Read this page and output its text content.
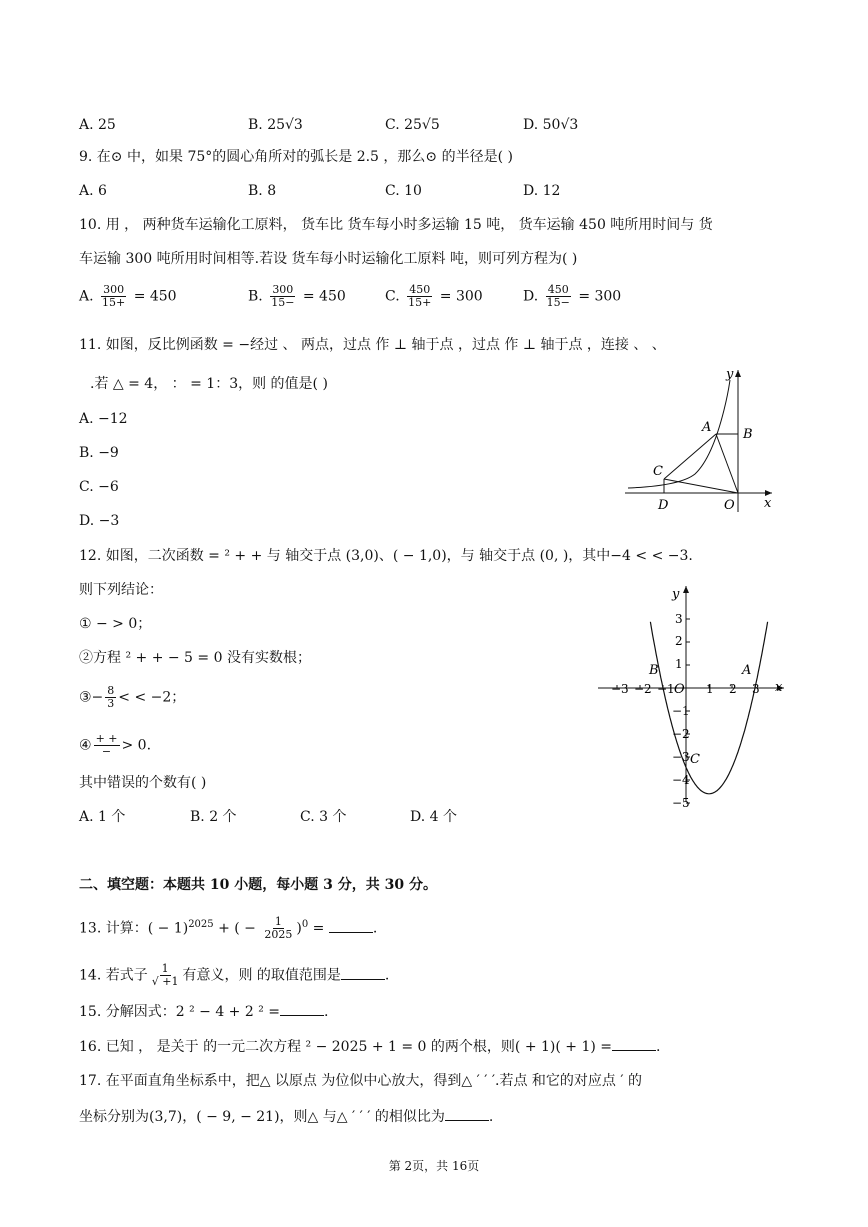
A. 25	B. 25√3	C. 25√5	D. 50√3
9. 在⊙ 中，如果 75°的圆心角所对的弧长是 2.5 ，那么⊙ 的半径是( )
A. 6	B. 8	C. 10	D. 12
10. 用 ， 两种货车运输化工原料， 货车比 货车每小时多运输 15 吨， 货车运输 450 吨所用时间与 货
车运输 300 吨所用时间相等.若设 货车每小时运输化工原料 吨，则可列方程为( )
A. $\frac{300}{15+} = 450$	B. $\frac{300}{15-} = 450$	C. $\frac{450}{15+} = 300$	D. $\frac{450}{15-} = 300$
11. 如图，反比例函数 = −经过 、 两点，过点 作 ⊥ 轴于点 ，过点 作 ⊥ 轴于点 ，连接 、 、
.若 △ = 4， ： = 1：3，则 的值是( )
A. −12
B. −9
C. −6
D. −3
y
x
A B
C
D	O
12. 如图，二次函数 = ² + + 与 轴交于点 (3,0)、( − 1,0)，与 轴交于点 (0, )，其中−4 < < −3.
则下列结论：
① − > 0；
②方程 ² + + − 5 = 0 没有实数根；
③− $\frac{8}{3}$ < < −2；
④ $\frac{+ +}{-} > 0$.
其中错误的个数有( )
A. 1 个	B. 2 个	C. 3 个	D. 4 个
y
x
O
B	A
C
−3 −2 −1	1 2 3
3
2
1
−1
−2
−3
−4
−5
二、填空题：本题共 10 小题，每小题 3 分，共 30 分。
13. 计算：( − 1)$^{2025}$ + ( − $\frac{1}{2025} )^0$ =	.
14. 若式子 $\frac{1}{√ +1}$ 有意义，则 的取值范围是	.
15. 分解因式：2 ² − 4 + 2 ² =	.
16. 已知 ， 是关于 的一元二次方程 ² − 2025 + 1 = 0 的两个根，则( + 1)( + 1) =	.
17. 在平面直角坐标系中，把△ 以原点 为位似中心放大，得到△ ′ ′ ′.若点 和它的对应点 ′ 的
坐标分别为(3,7)，( − 9, − 21)，则△ 与△ ′ ′ ′ 的相似比为	.
第 2页，共 16页
